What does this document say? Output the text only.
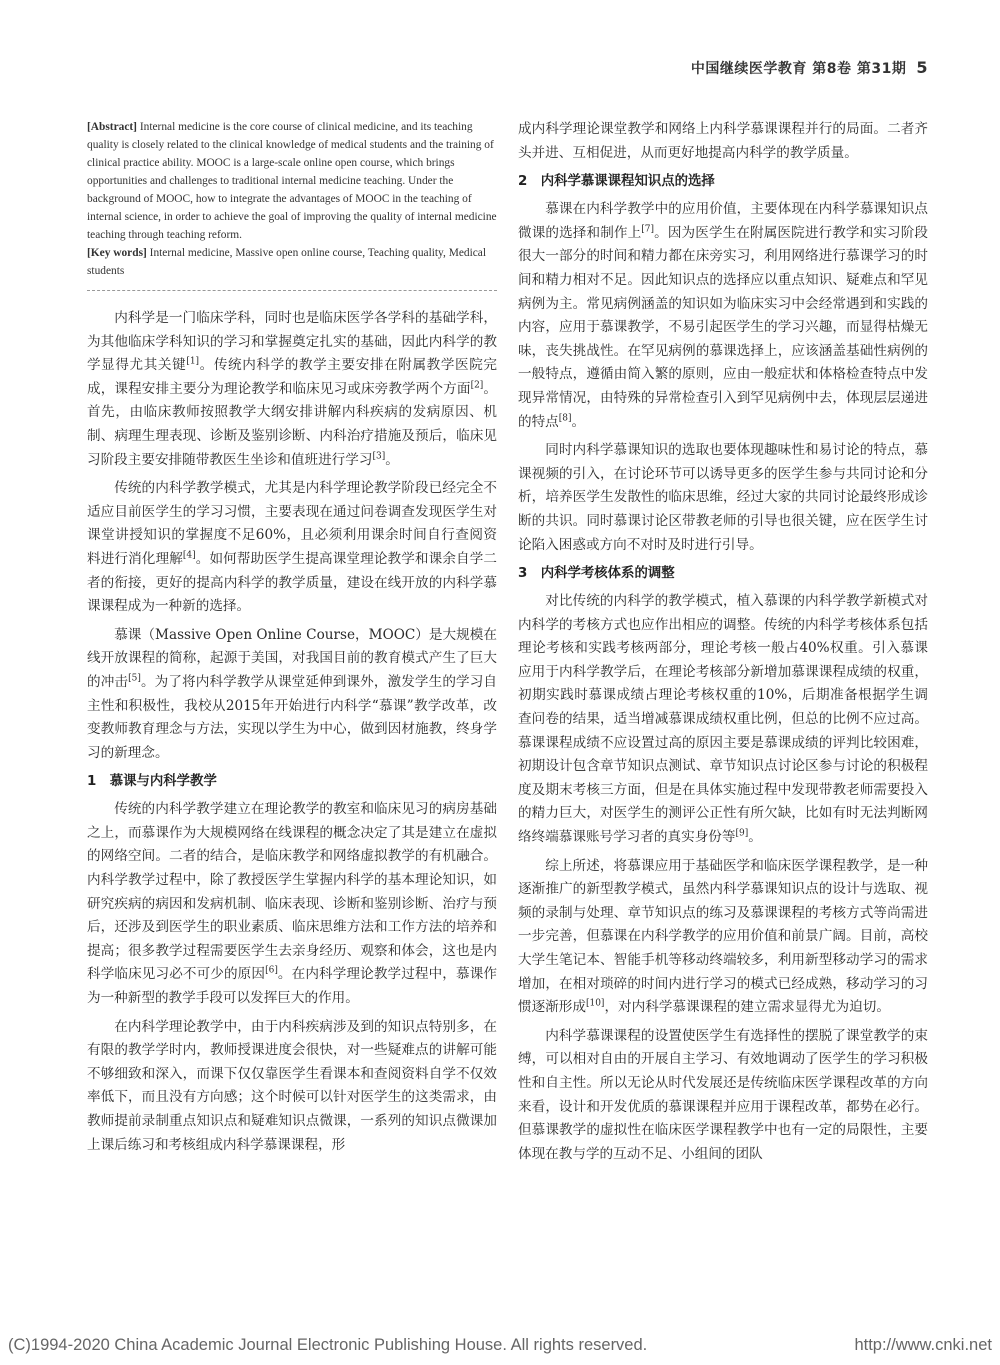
中国继续医学教育 第8卷 第31期 5

[Abstract] Internal medicine is the core course of clinical medicine, and its teaching quality is closely related to the clinical knowledge of medical students and the training of clinical practice ability. MOOC is a large-scale online open course, which brings opportunities and challenges to traditional internal medicine teaching. Under the background of MOOC, how to integrate the advantages of MOOC in the teaching of internal science, in order to achieve the goal of improving the quality of internal medicine teaching through teaching reform.

[Key words] Internal medicine, Massive open online course, Teaching quality, Medical students

内科学是一门临床学科，同时也是临床医学各学科的基础学科，为其他临床学科知识的学习和掌握奠定扎实的基础，因此内科学的教学显得尤其关键[1]。传统内科学的教学主要安排在附属教学医院完成，课程安排主要分为理论教学和临床见习或床旁教学两个方面[2]。首先，由临床教师按照教学大纲安排讲解内科疾病的发病原因、机制、病理生理表现、诊断及鉴别诊断、内科治疗措施及预后，临床见习阶段主要安排随带教医生坐诊和值班进行学习[3]。

传统的内科学教学模式，尤其是内科学理论教学阶段已经完全不适应目前医学生的学习习惯，主要表现在通过问卷调查发现医学生对课堂讲授知识的掌握度不足60%，且必须利用课余时间自行查阅资料进行消化理解[4]。如何帮助医学生提高课堂理论教学和课余自学二者的衔接，更好的提高内科学的教学质量，建设在线开放的内科学慕课课程成为一种新的选择。

慕课（Massive Open Online Course，MOOC）是大规模在线开放课程的简称，起源于美国，对我国目前的教育模式产生了巨大的冲击[5]。为了将内科学教学从课堂延伸到课外，激发学生的学习自主性和积极性，我校从2015年开始进行内科学“慕课”教学改革，改变教师教育理念与方法，实现以学生为中心，做到因材施教，终身学习的新理念。

1　慕课与内科学教学

传统的内科学教学建立在理论教学的教室和临床见习的病房基础之上，而慕课作为大规模网络在线课程的概念决定了其是建立在虚拟的网络空间。二者的结合，是临床教学和网络虚拟教学的有机融合。内科学教学过程中，除了教授医学生掌握内科学的基本理论知识，如研究疾病的病因和发病机制、临床表现、诊断和鉴别诊断、治疗与预后，还涉及到医学生的职业素质、临床思维方法和工作方法的培养和提高；很多教学过程需要医学生去亲身经历、观察和体会，这也是内科学临床见习必不可少的原因[6]。在内科学理论教学过程中，慕课作为一种新型的教学手段可以发挥巨大的作用。

在内科学理论教学中，由于内科疾病涉及到的知识点特别多，在有限的教学学时内，教师授课进度会很快，对一些疑难点的讲解可能不够细致和深入，而课下仅仅靠医学生看课本和查阅资料自学不仅效率低下，而且没有方向感；这个时候可以针对医学生的这类需求，由教师提前录制重点知识点和疑难知识点微课，一系列的知识点微课加上课后练习和考核组成内科学慕课课程，形

成内科学理论课堂教学和网络上内科学慕课课程并行的局面。二者齐头并进、互相促进，从而更好地提高内科学的教学质量。

2　内科学慕课课程知识点的选择

慕课在内科学教学中的应用价值，主要体现在内科学慕课知识点微课的选择和制作上[7]。因为医学生在附属医院进行教学和实习阶段很大一部分的时间和精力都在床旁实习，利用网络进行慕课学习的时间和精力相对不足。因此知识点的选择应以重点知识、疑难点和罕见病例为主。常见病例涵盖的知识如为临床实习中会经常遇到和实践的内容，应用于慕课教学，不易引起医学生的学习兴趣，而显得枯燥无味，丧失挑战性。在罕见病例的慕课选择上，应该涵盖基础性病例的一般特点，遵循由简入繁的原则，应由一般症状和体格检查特点中发现异常情况，由特殊的异常检查引入到罕见病例中去，体现层层递进的特点[8]。

同时内科学慕课知识的选取也要体现趣味性和易讨论的特点，慕课视频的引入，在讨论环节可以诱导更多的医学生参与共同讨论和分析，培养医学生发散性的临床思维，经过大家的共同讨论最终形成诊断的共识。同时慕课讨论区带教老师的引导也很关键，应在医学生讨论陷入困惑或方向不对时及时进行引导。

3　内科学考核体系的调整

对比传统的内科学的教学模式，植入慕课的内科学教学新模式对内科学的考核方式也应作出相应的调整。传统的内科学考核体系包括理论考核和实践考核两部分，理论考核一般占40%权重。引入慕课应用于内科学教学后，在理论考核部分新增加慕课课程成绩的权重，初期实践时慕课成绩占理论考核权重的10%，后期准备根据学生调查问卷的结果，适当增减慕课成绩权重比例，但总的比例不应过高。慕课课程成绩不应设置过高的原因主要是慕课成绩的评判比较困难，初期设计包含章节知识点测试、章节知识点讨论区参与讨论的积极程度及期末考核三方面，但是在具体实施过程中发现带教老师需要投入的精力巨大，对医学生的测评公正性有所欠缺，比如有时无法判断网络终端慕课账号学习者的真实身份等[9]。

综上所述，将慕课应用于基础医学和临床医学课程教学，是一种逐渐推广的新型教学模式，虽然内科学慕课知识点的设计与选取、视频的录制与处理、章节知识点的练习及慕课课程的考核方式等尚需进一步完善，但慕课在内科学教学的应用价值和前景广阔。目前，高校大学生笔记本、智能手机等移动终端较多，利用新型移动学习的需求增加，在相对琐碎的时间内进行学习的模式已经成熟，移动学习的习惯逐渐形成[10]，对内科学慕课课程的建立需求显得尤为迫切。

内科学慕课课程的设置使医学生有选择性的摆脱了课堂教学的束缚，可以相对自由的开展自主学习、有效地调动了医学生的学习积极性和自主性。所以无论从时代发展还是传统临床医学课程改革的方向来看，设计和开发优质的慕课课程并应用于课程改革，都势在必行。但慕课教学的虚拟性在临床医学课程教学中也有一定的局限性，主要体现在教与学的互动不足、小组间的团队

(C)1994-2020 China Academic Journal Electronic Publishing House. All rights reserved.	http://www.cnki.net
